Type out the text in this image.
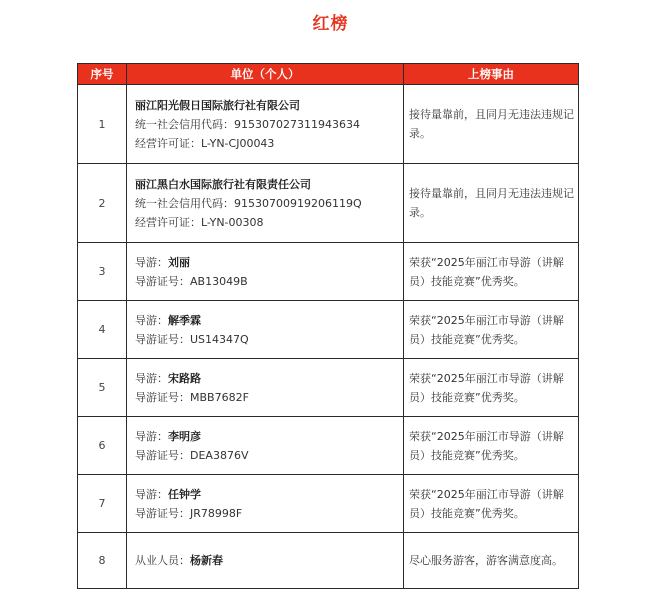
红榜
序号	单位（个人）	上榜事由
1	丽江阳光假日国际旅行社有限公司
统一社会信用代码：915307027311943634
经营许可证：L-YN-CJ00043	接待量靠前，且同月无违法违规记录。
2	丽江黑白水国际旅行社有限责任公司
统一社会信用代码：91530700919206119Q
经营许可证：L-YN-00308	接待量靠前，且同月无违法违规记录。
3	导游：刘丽
导游证号：AB13049B	荣获“2025年丽江市导游（讲解员）技能竞赛”优秀奖。
4	导游：解季霖
导游证号：US14347Q	荣获“2025年丽江市导游（讲解员）技能竞赛”优秀奖。
5	导游：宋路路
导游证号：MBB7682F	荣获“2025年丽江市导游（讲解员）技能竞赛”优秀奖。
6	导游：李明彦
导游证号：DEA3876V	荣获“2025年丽江市导游（讲解员）技能竞赛”优秀奖。
7	导游：任钟学
导游证号：JR78998F	荣获“2025年丽江市导游（讲解员）技能竞赛”优秀奖。
8	从业人员：杨新春	尽心服务游客，游客满意度高。
